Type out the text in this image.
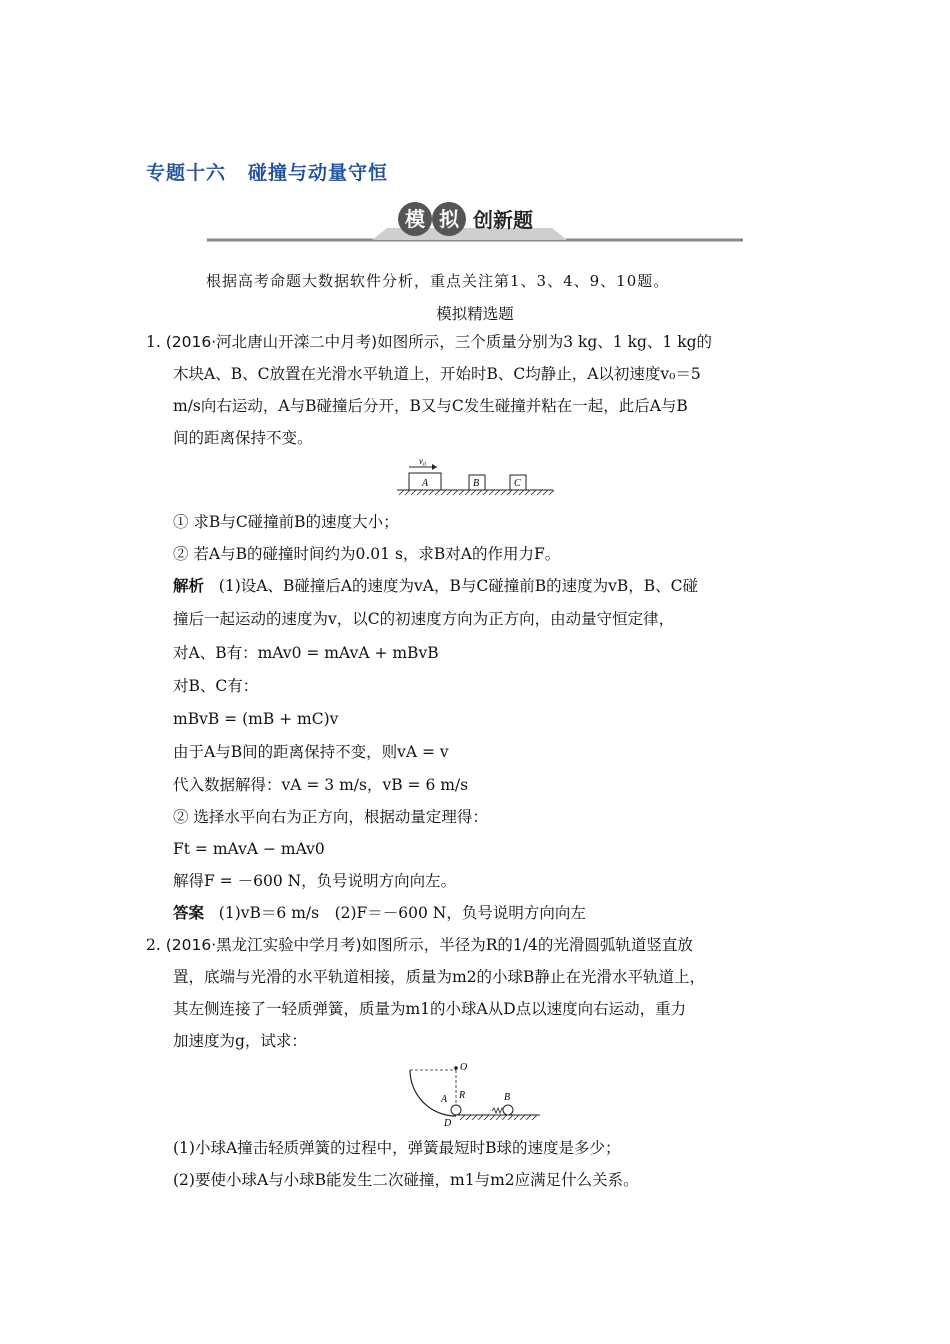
专题十六 碰撞与动量守恒
模 拟 创新题
根据高考命题大数据软件分析，重点关注第1、3、4、9、10题。
模拟精选题
1. (2016·河北唐山开滦二中月考)如图所示，三个质量分别为3 kg、1 kg、1 kg的
木块A、B、C放置在光滑水平轨道上，开始时B、C均静止，A以初速度v₀＝5
m/s向右运动，A与B碰撞后分开，B又与C发生碰撞并粘在一起，此后A与B
间的距离保持不变。
v₀
A	B	C
① 求B与C碰撞前B的速度大小；
② 若A与B的碰撞时间约为0.01 s，求B对A的作用力F。
解析 (1)设A、B碰撞后A的速度为vA，B与C碰撞前B的速度为vB，B、C碰
撞后一起运动的速度为v，以C的初速度方向为正方向，由动量守恒定律，
对A、B有：mAv0 = mAvA + mBvB
对B、C有：
mBvB = (mB + mC)v
由于A与B间的距离保持不变，则vA = v
代入数据解得：vA = 3 m/s，vB = 6 m/s
② 选择水平向右为正方向，根据动量定理得：
Ft = mAvA − mAv0
解得F = －600 N，负号说明方向向左。
答案 (1)vB＝6 m/s　(2)F＝－600 N，负号说明方向向左
2. (2016·黑龙江实验中学月考)如图所示，半径为R的1/4的光滑圆弧轨道竖直放
置，底端与光滑的水平轨道相接，质量为m2的小球B静止在光滑水平轨道上，
其左侧连接了一轻质弹簧，质量为m1的小球A从D点以速度向右运动，重力
加速度为g，试求：
O
A R	B
D
(1)小球A撞击轻质弹簧的过程中，弹簧最短时B球的速度是多少；
(2)要使小球A与小球B能发生二次碰撞，m1与m2应满足什么关系。
